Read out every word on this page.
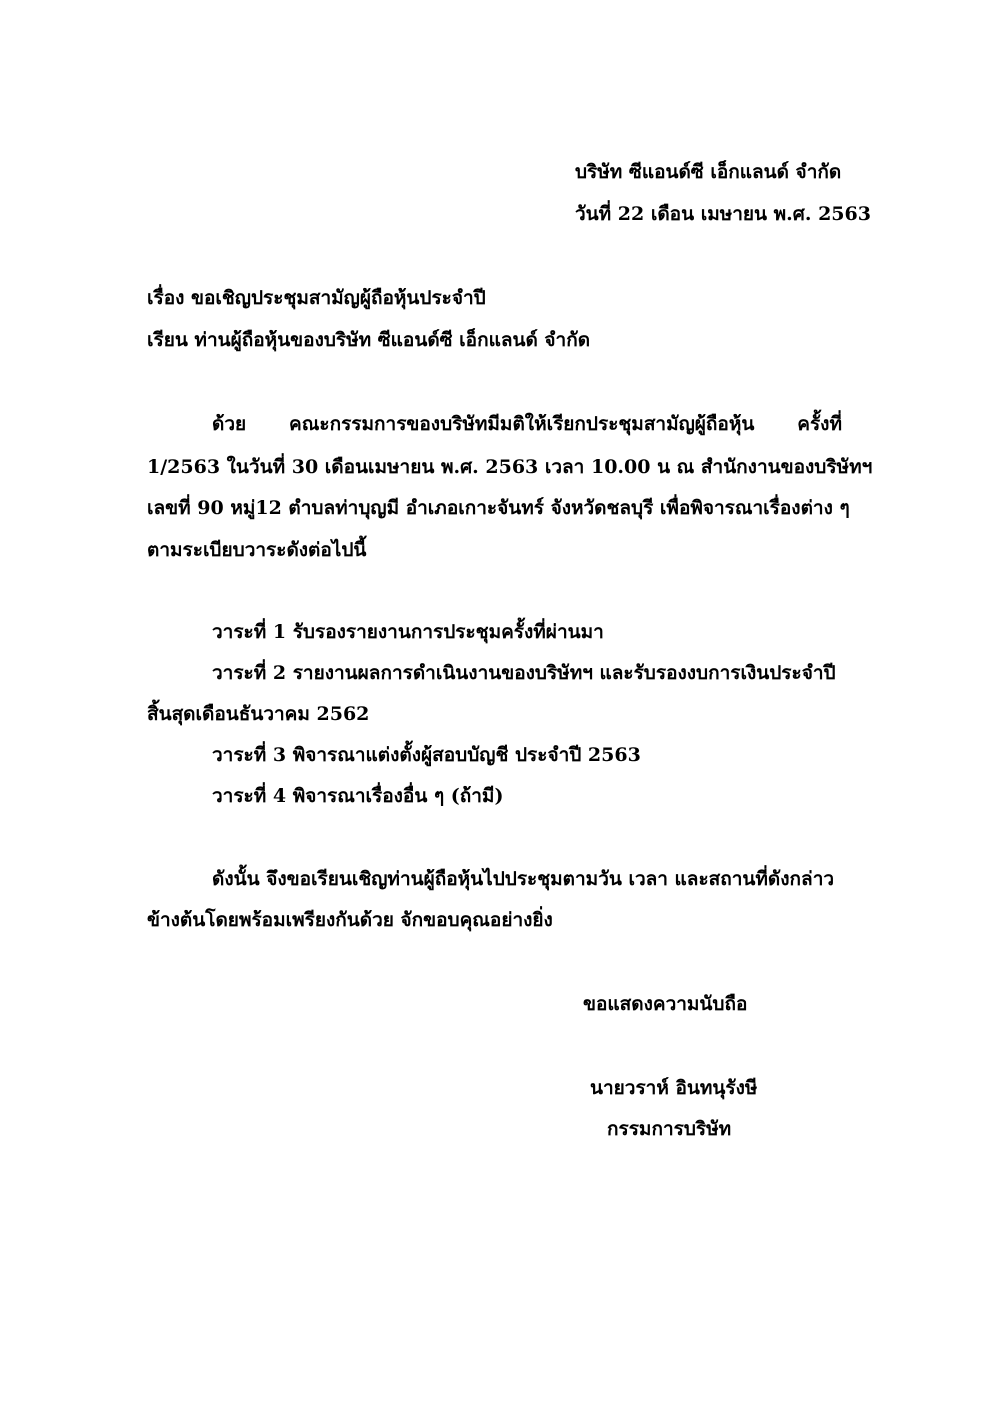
บริษัท ซีแอนด์ซี เอ็กแลนด์ จำกัด
วันที่ 22 เดือน เมษายน พ.ศ. 2563
เรื่อง ขอเชิญประชุมสามัญผู้ถือหุ้นประจำปี
เรียน ท่านผู้ถือหุ้นของบริษัท ซีแอนด์ซี เอ็กแลนด์ จำกัด
ด้วย คณะกรรมการของบริษัทมีมติให้เรียกประชุมสามัญผู้ถือหุ้น ครั้งที่
1/2563 ในวันที่ 30 เดือนเมษายน พ.ศ. 2563 เวลา 10.00 น ณ สำนักงานของบริษัทฯ
เลขที่ 90 หมู่12 ตำบลท่าบุญมี อำเภอเกาะจันทร์ จังหวัดชลบุรี เพื่อพิจารณาเรื่องต่าง ๆ
ตามระเบียบวาระดังต่อไปนี้
วาระที่ 1 รับรองรายงานการประชุมครั้งที่ผ่านมา
วาระที่ 2 รายงานผลการดำเนินงานของบริษัทฯ และรับรองงบการเงินประจำปี
สิ้นสุดเดือนธันวาคม 2562
วาระที่ 3 พิจารณาแต่งตั้งผู้สอบบัญชี ประจำปี 2563
วาระที่ 4 พิจารณาเรื่องอื่น ๆ (ถ้ามี)
ดังนั้น จึงขอเรียนเชิญท่านผู้ถือหุ้นไปประชุมตามวัน เวลา และสถานที่ดังกล่าว
ข้างต้นโดยพร้อมเพรียงกันด้วย จักขอบคุณอย่างยิ่ง
ขอแสดงความนับถือ
นายวราห์ อินทนุรังษี
กรรมการบริษัท
